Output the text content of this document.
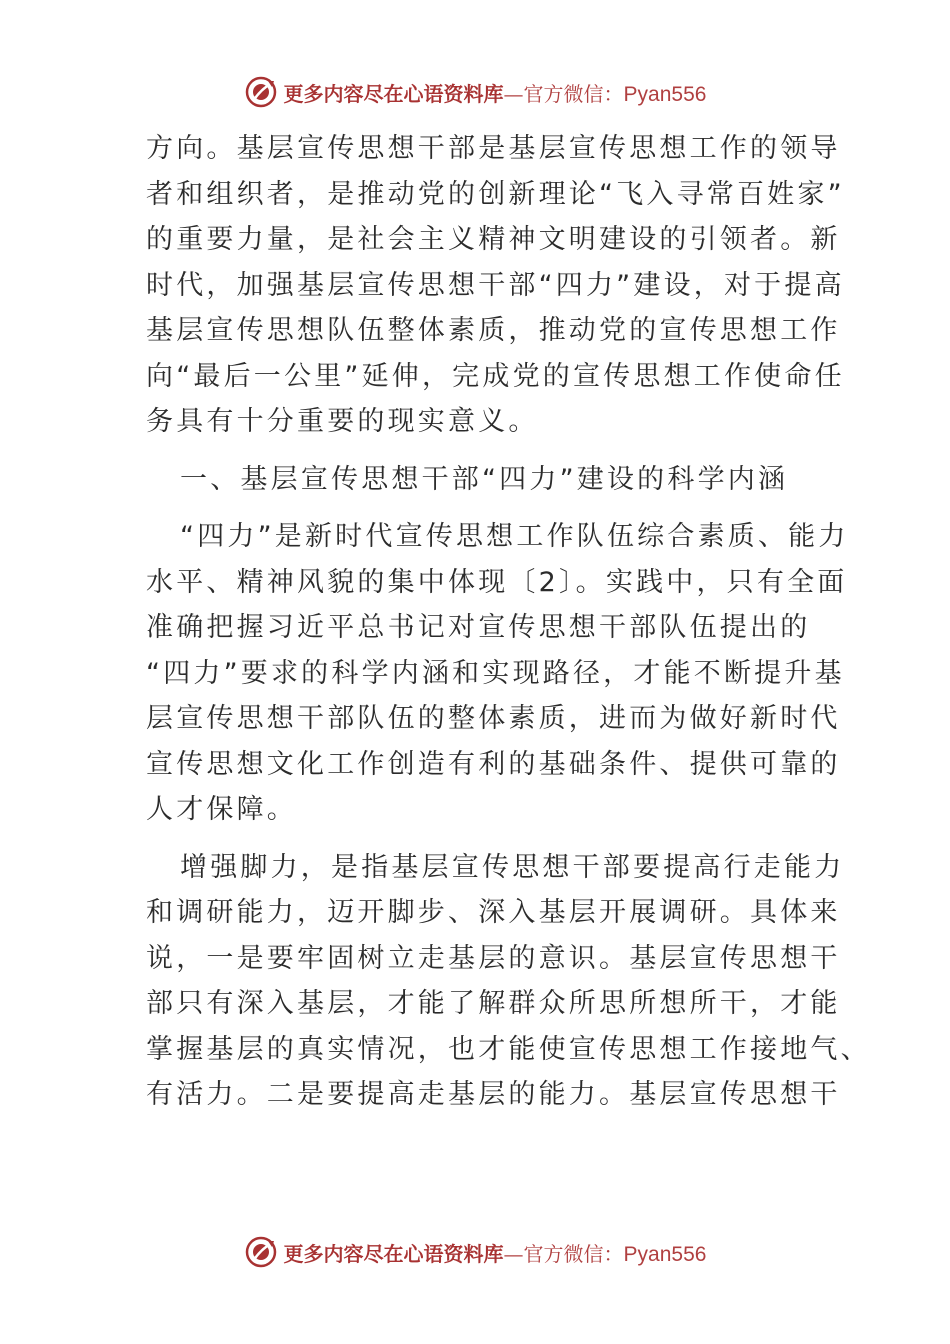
更多内容尽在心语资料库 — 官方微信： Pyan556
方向。基层宣传思想干部是基层宣传思想工作的领导
者和组织者，是推动党的创新理论“飞入寻常百姓家”
的重要力量，是社会主义精神文明建设的引领者。新
时代，加强基层宣传思想干部“四力”建设，对于提高
基层宣传思想队伍整体素质，推动党的宣传思想工作
向“最后一公里”延伸，完成党的宣传思想工作使命任
务具有十分重要的现实意义。
一、基层宣传思想干部“四力”建设的科学内涵
“四力”是新时代宣传思想工作队伍综合素质、能力
水平、精神风貌的集中体现〔2〕。实践中，只有全面
准确把握习近平总书记对宣传思想干部队伍提出的
“四力”要求的科学内涵和实现路径，才能不断提升基
层宣传思想干部队伍的整体素质，进而为做好新时代
宣传思想文化工作创造有利的基础条件、提供可靠的
人才保障。
增强脚力，是指基层宣传思想干部要提高行走能力
和调研能力，迈开脚步、深入基层开展调研。具体来
说，一是要牢固树立走基层的意识。基层宣传思想干
部只有深入基层，才能了解群众所思所想所干，才能
掌握基层的真实情况，也才能使宣传思想工作接地气、
有活力。二是要提高走基层的能力。基层宣传思想干
更多内容尽在心语资料库 — 官方微信： Pyan556
